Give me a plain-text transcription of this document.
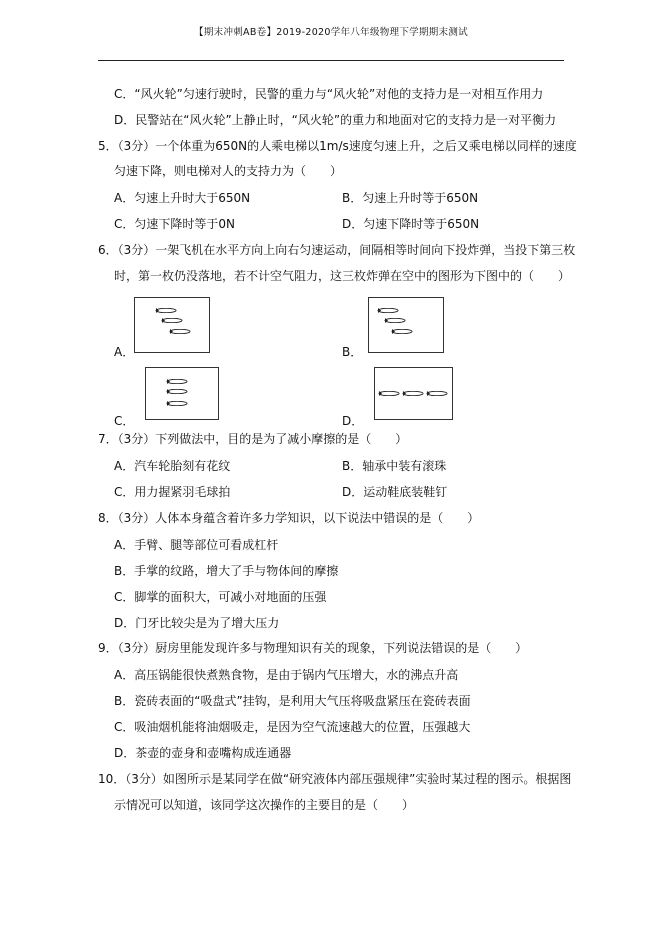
【期末冲刺AB卷】2019-2020学年八年级物理下学期期末测试
C．“风火轮”匀速行驶时，民警的重力与“风火轮”对他的支持力是一对相互作用力
D．民警站在“风火轮”上静止时，“风火轮”的重力和地面对它的支持力是一对平衡力
5．（3分）一个体重为650N的人乘电梯以1m/s速度匀速上升，之后又乘电梯以同样的速度
匀速下降，则电梯对人的支持力为（　　）
A．匀速上升时大于650N	B．匀速上升时等于650N
C．匀速下降时等于0N	D．匀速下降时等于650N
6．（3分）一架飞机在水平方向上向右匀速运动，间隔相等时间向下投炸弹，当投下第三枚
时，第一枚仍没落地，若不计空气阻力，这三枚炸弹在空中的图形为下图中的（　　）
A．	B．
C．	D．
7．（3分）下列做法中，目的是为了减小摩擦的是（　　）
A．汽车轮胎刻有花纹	B．轴承中装有滚珠
C．用力握紧羽毛球拍	D．运动鞋底装鞋钉
8．（3分）人体本身蕴含着许多力学知识，以下说法中错误的是（　　）
A．手臂、腿等部位可看成杠杆
B．手掌的纹路，增大了手与物体间的摩擦
C．脚掌的面积大，可减小对地面的压强
D．门牙比较尖是为了增大压力
9．（3分）厨房里能发现许多与物理知识有关的现象，下列说法错误的是（　　）
A．高压锅能很快煮熟食物，是由于锅内气压增大，水的沸点升高
B．瓷砖表面的“吸盘式”挂钩，是利用大气压将吸盘紧压在瓷砖表面
C．吸油烟机能将油烟吸走，是因为空气流速越大的位置，压强越大
D．茶壶的壶身和壶嘴构成连通器
10．（3分）如图所示是某同学在做“研究液体内部压强规律”实验时某过程的图示。根据图
示情况可以知道，该同学这次操作的主要目的是（　　）
